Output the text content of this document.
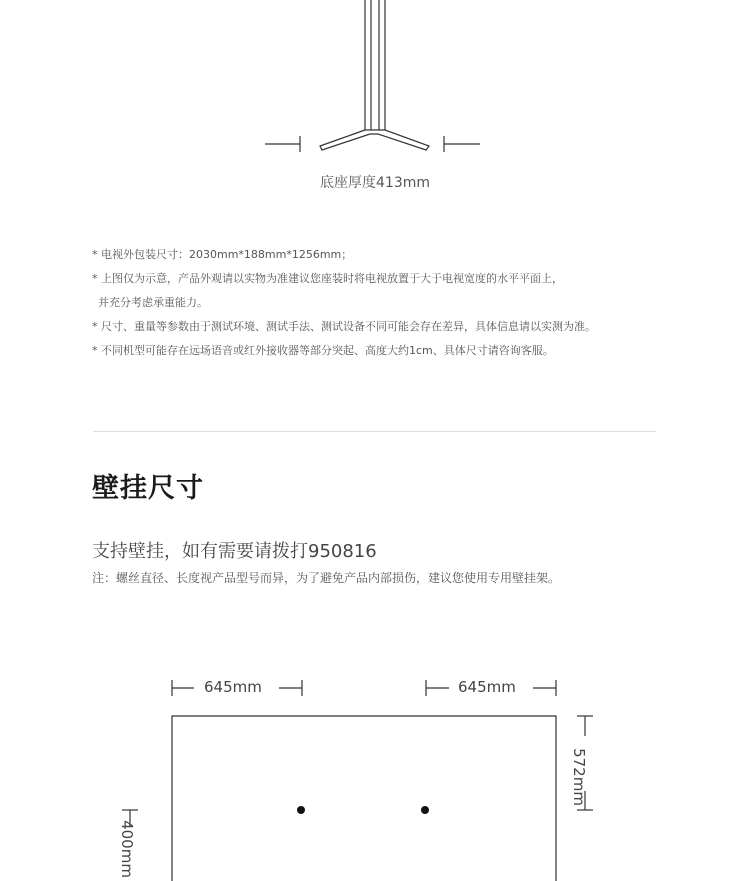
底座厚度413mm
* 电视外包装尺寸：2030mm*188mm*1256mm；
* 上图仅为示意，产品外观请以实物为准建议您座装时将电视放置于大于电视宽度的水平平面上，
并充分考虑承重能力。
* 尺寸、重量等参数由于测试环境、测试手法、测试设备不同可能会存在差异，具体信息请以实测为准。
* 不同机型可能存在远场语音或红外接收器等部分突起、高度大约1cm、具体尺寸请咨询客服。
壁挂尺寸
支持壁挂，如有需要请拨打950816
注：螺丝直径、长度视产品型号而异，为了避免产品内部损伤，建议您使用专用壁挂架。
645mm	645mm
572mm
400mm
